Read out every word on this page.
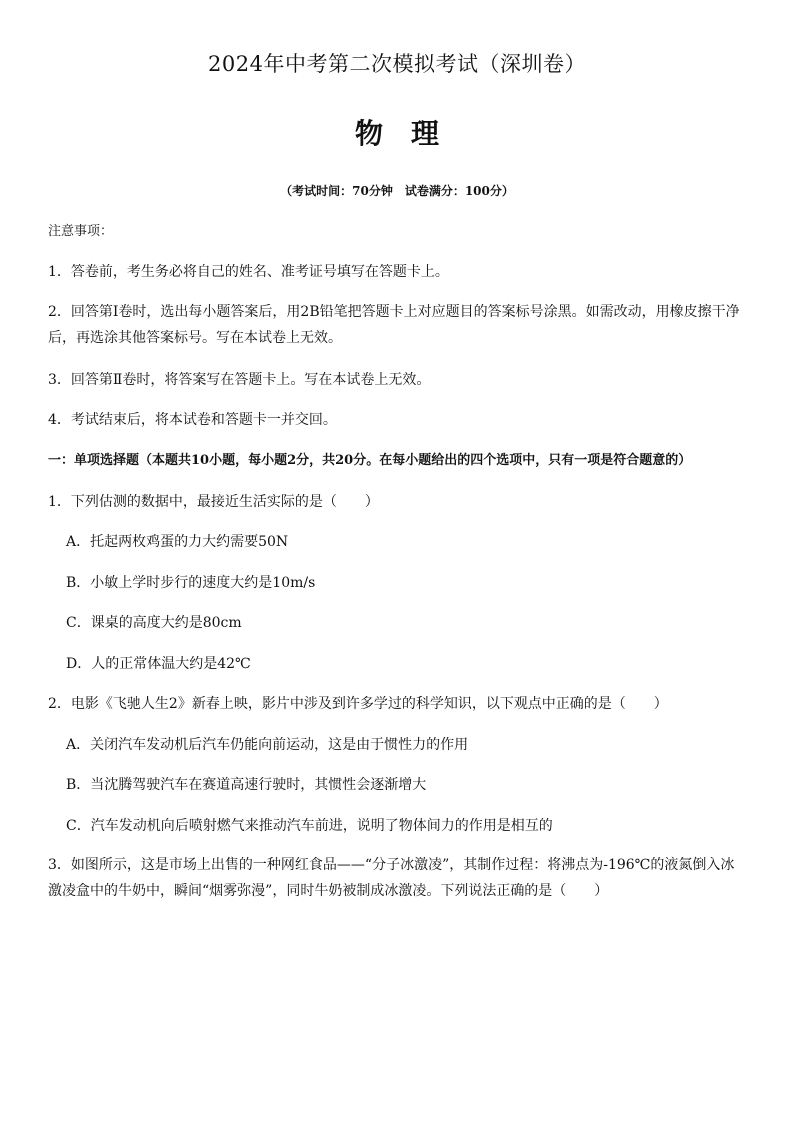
2024年中考第二次模拟考试（深圳卷）
物理
（考试时间：70分钟　试卷满分：100分）
注意事项：
1．答卷前，考生务必将自己的姓名、准考证号填写在答题卡上。
2．回答第Ⅰ卷时，选出每小题答案后，用2B铅笔把答题卡上对应题目的答案标号涂黑。如需改动，用橡皮擦干净后，再选涂其他答案标号。写在本试卷上无效。
3．回答第Ⅱ卷时，将答案写在答题卡上。写在本试卷上无效。
4．考试结束后，将本试卷和答题卡一并交回。
一：单项选择题（本题共10小题，每小题2分，共20分。在每小题给出的四个选项中，只有一项是符合题意的）
1．下列估测的数据中，最接近生活实际的是（　　）
A．托起两枚鸡蛋的力大约需要50N
B．小敏上学时步行的速度大约是10m/s
C．课桌的高度大约是80cm
D．人的正常体温大约是42℃
2．电影《飞驰人生2》新春上映，影片中涉及到许多学过的科学知识，以下观点中正确的是（　　）
A．关闭汽车发动机后汽车仍能向前运动，这是由于惯性力的作用
B．当沈腾驾驶汽车在赛道高速行驶时，其惯性会逐渐增大
C．汽车发动机向后喷射燃气来推动汽车前进，说明了物体间力的作用是相互的
3．如图所示，这是市场上出售的一种网红食品——“分子冰激凌”，其制作过程：将沸点为-196℃的液氮倒入冰激凌盒中的牛奶中，瞬间“烟雾弥漫”，同时牛奶被制成冰激凌。下列说法正确的是（　　）
